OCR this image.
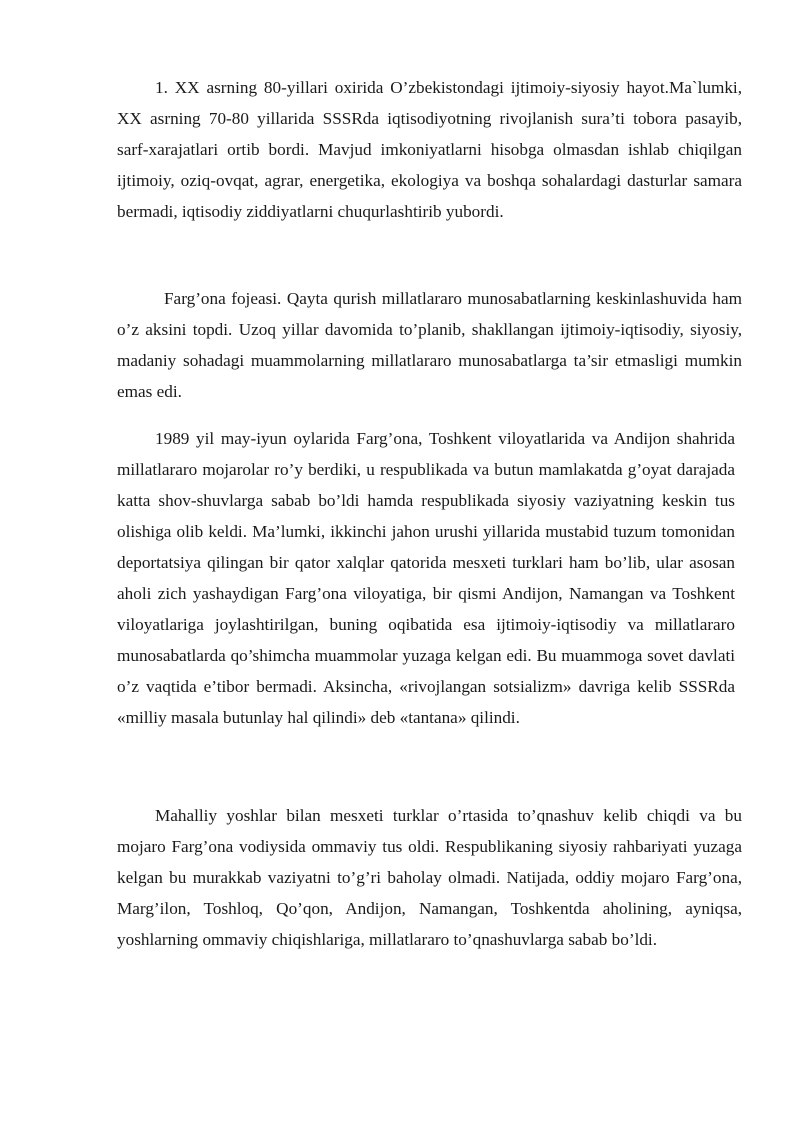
1. XX asrning 80-yillari oxirida O’zbekistondagi ijtimoiy-siyosiy hayot.Ma`lumki, XX asrning 70-80 yillarida SSSRda iqtisodiyotning rivojlanish sura’ti tobora pasayib, sarf-xarajatlari ortib bordi. Mavjud imkoniyatlarni hisobga olmasdan ishlab chiqilgan ijtimoiy, oziq-ovqat, agrar, energetika, ekologiya va boshqa sohalardagi dasturlar samara bermadi, iqtisodiy ziddiyatlarni chuqurlashtirib yubordi.

Farg’ona fojeasi. Qayta qurish millatlararo munosabatlarning keskinlashuvida ham o’z aksini topdi. Uzoq yillar davomida to’planib, shakllangan ijtimoiy-iqtisodiy, siyosiy, madaniy sohadagi muammolarning millatlararo munosabatlarga ta’sir etmasligi mumkin emas edi.

1989 yil may-iyun oylarida Farg’ona, Toshkent viloyatlarida va Andijon shahrida millatlararo mojarolar ro’y berdiki, u respublikada va butun mamlakatda g’oyat darajada katta shov-shuvlarga sabab bo’ldi hamda respublikada siyosiy vaziyatning keskin tus olishiga olib keldi. Ma’lumki, ikkinchi jahon urushi yillarida mustabid tuzum tomonidan deportatsiya qilingan bir qator xalqlar qatorida mesxeti turklari ham bo’lib, ular asosan aholi zich yashaydigan Farg’ona viloyatiga, bir qismi Andijon, Namangan va Toshkent viloyatlariga joylashtirilgan, buning oqibatida esa ijtimoiy-iqtisodiy va millatlararo munosabatlarda qo’shimcha muammolar yuzaga kelgan edi. Bu muammoga sovet davlati o’z vaqtida e’tibor bermadi. Aksincha, «rivojlangan sotsializm» davriga kelib SSSRda «milliy masala butunlay hal qilindi» deb «tantana» qilindi.

Mahalliy yoshlar bilan mesxeti turklar o’rtasida to’qnashuv kelib chiqdi va bu mojaro Farg’ona vodiysida ommaviy tus oldi. Respublikaning siyosiy rahbariyati yuzaga kelgan bu murakkab vaziyatni to’g’ri baholay olmadi. Natijada, oddiy mojaro Farg’ona, Marg’ilon, Toshloq, Qo’qon, Andijon, Namangan, Toshkentda aholining, ayniqsa, yoshlarning ommaviy chiqishlariga, millatlararo to’qnashuvlarga sabab bo’ldi.
